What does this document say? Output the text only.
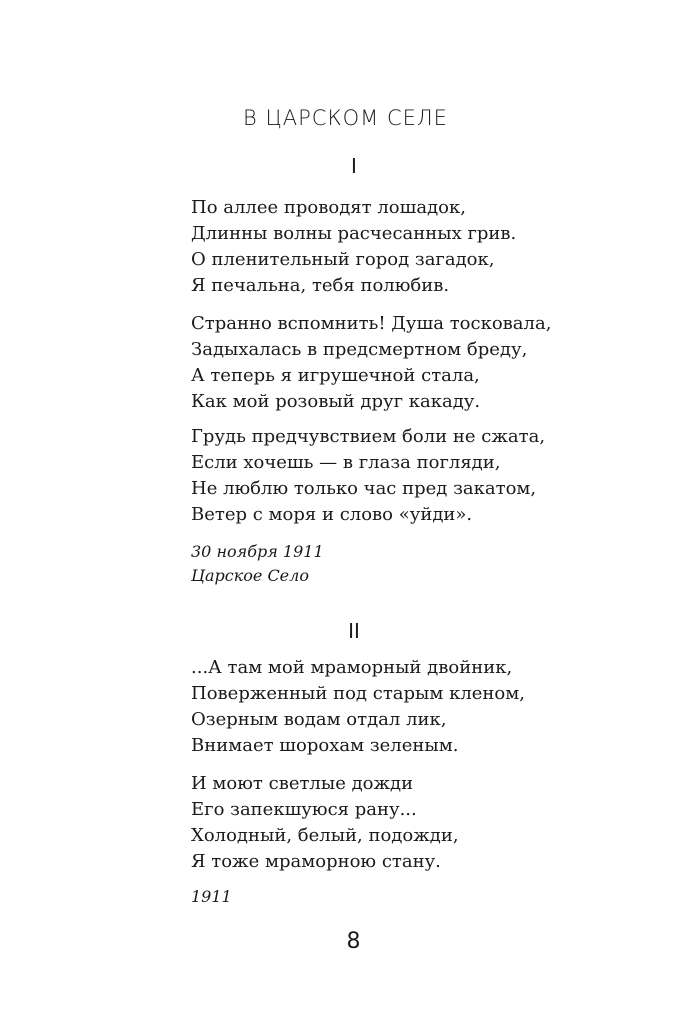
В ЦАРСКОМ СЕЛЕ
I

По аллее проводят лошадок,
Длинны волны расчесанных грив.
О пленительный город загадок,
Я печальна, тебя полюбив.

Странно вспомнить! Душа тосковала,
Задыхалась в предсмертном бреду,
А теперь я игрушечной стала,
Как мой розовый друг какаду.

Грудь предчувствием боли не сжата,
Если хочешь — в глаза погляди,
Не люблю только час пред закатом,
Ветер с моря и слово «уйди».

30 ноября 1911
Царское Село
II

...А там мой мраморный двойник,
Поверженный под старым кленом,
Озерным водам отдал лик,
Внимает шорохам зеленым.

И моют светлые дожди
Его запекшуюся рану...
Холодный, белый, подожди,
Я тоже мраморною стану.

1911
8
